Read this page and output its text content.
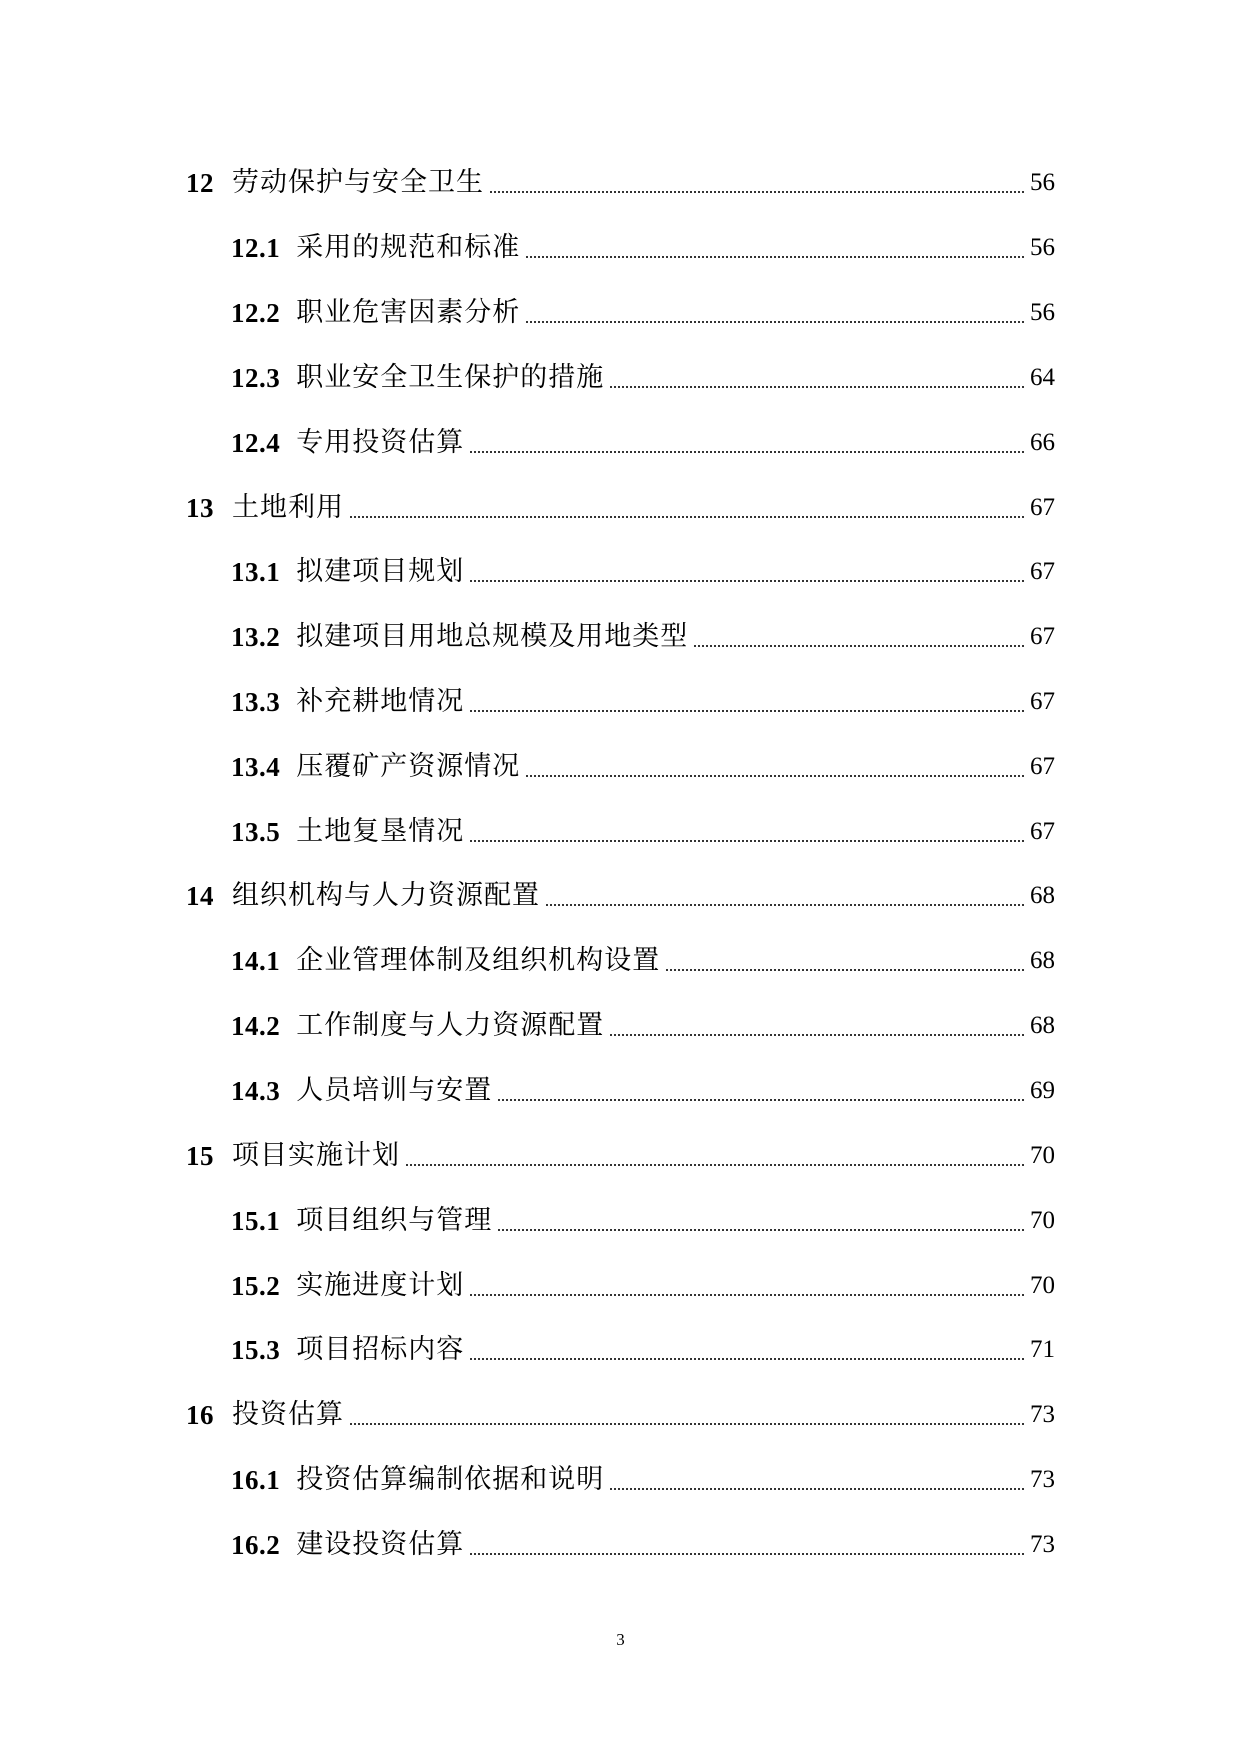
12 劳动保护与安全卫生	56
12.1 采用的规范和标准	56
12.2 职业危害因素分析	56
12.3 职业安全卫生保护的措施	64
12.4 专用投资估算	66
13 土地利用	67
13.1 拟建项目规划	67
13.2 拟建项目用地总规模及用地类型	67
13.3 补充耕地情况	67
13.4 压覆矿产资源情况	67
13.5 土地复垦情况	67
14 组织机构与人力资源配置	68
14.1 企业管理体制及组织机构设置	68
14.2 工作制度与人力资源配置	68
14.3 人员培训与安置	69
15 项目实施计划	70
15.1 项目组织与管理	70
15.2 实施进度计划	70
15.3 项目招标内容	71
16 投资估算	73
16.1 投资估算编制依据和说明	73
16.2 建设投资估算	73
3
